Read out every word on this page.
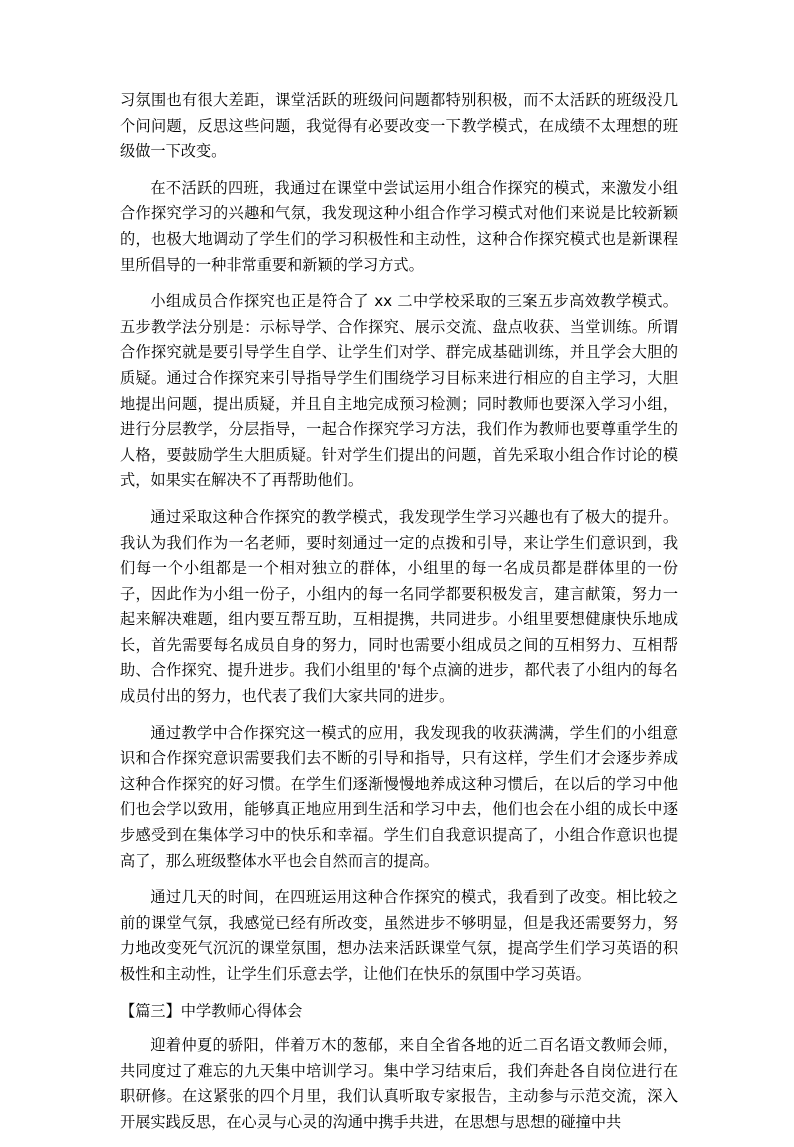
习氛围也有很大差距，课堂活跃的班级问问题都特别积极，而不太活跃的班级没几个问问题，反思这些问题，我觉得有必要改变一下教学模式，在成绩不太理想的班级做一下改变。

在不活跃的四班，我通过在课堂中尝试运用小组合作探究的模式，来激发小组合作探究学习的兴趣和气氛，我发现这种小组合作学习模式对他们来说是比较新颖的，也极大地调动了学生们的学习积极性和主动性，这种合作探究模式也是新课程里所倡导的一种非常重要和新颖的学习方式。

小组成员合作探究也正是符合了 xx 二中学校采取的三案五步高效教学模式。五步教学法分别是：示标导学、合作探究、展示交流、盘点收获、当堂训练。所谓合作探究就是要引导学生自学、让学生们对学、群完成基础训练，并且学会大胆的质疑。通过合作探究来引导指导学生们围绕学习目标来进行相应的自主学习，大胆地提出问题，提出质疑，并且自主地完成预习检测；同时教师也要深入学习小组，进行分层教学，分层指导，一起合作探究学习方法，我们作为教师也要尊重学生的人格，要鼓励学生大胆质疑。针对学生们提出的问题，首先采取小组合作讨论的模式，如果实在解决不了再帮助他们。

通过采取这种合作探究的教学模式，我发现学生学习兴趣也有了极大的提升。我认为我们作为一名老师，要时刻通过一定的点拨和引导，来让学生们意识到，我们每一个小组都是一个相对独立的群体，小组里的每一名成员都是群体里的一份子，因此作为小组一份子，小组内的每一名同学都要积极发言，建言献策，努力一起来解决难题，组内要互帮互助，互相提携，共同进步。小组里要想健康快乐地成长，首先需要每名成员自身的努力，同时也需要小组成员之间的互相努力、互相帮助、合作探究、提升进步。我们小组里的'每个点滴的进步，都代表了小组内的每名成员付出的努力，也代表了我们大家共同的进步。

通过教学中合作探究这一模式的应用，我发现我的收获满满，学生们的小组意识和合作探究意识需要我们去不断的引导和指导，只有这样，学生们才会逐步养成这种合作探究的好习惯。在学生们逐渐慢慢地养成这种习惯后，在以后的学习中他们也会学以致用，能够真正地应用到生活和学习中去，他们也会在小组的成长中逐步感受到在集体学习中的快乐和幸福。学生们自我意识提高了，小组合作意识也提高了，那么班级整体水平也会自然而言的提高。

通过几天的时间，在四班运用这种合作探究的模式，我看到了改变。相比较之前的课堂气氛，我感觉已经有所改变，虽然进步不够明显，但是我还需要努力，努力地改变死气沉沉的课堂氛围，想办法来活跃课堂气氛，提高学生们学习英语的积极性和主动性，让学生们乐意去学，让他们在快乐的氛围中学习英语。

【篇三】中学教师心得体会

迎着仲夏的骄阳，伴着万木的葱郁，来自全省各地的近二百名语文教师会师，共同度过了难忘的九天集中培训学习。集中学习结束后，我们奔赴各自岗位进行在职研修。在这紧张的四个月里，我们认真听取专家报告，主动参与示范交流，深入开展实践反思，在心灵与心灵的沟通中携手共进，在思想与思想的碰撞中共
